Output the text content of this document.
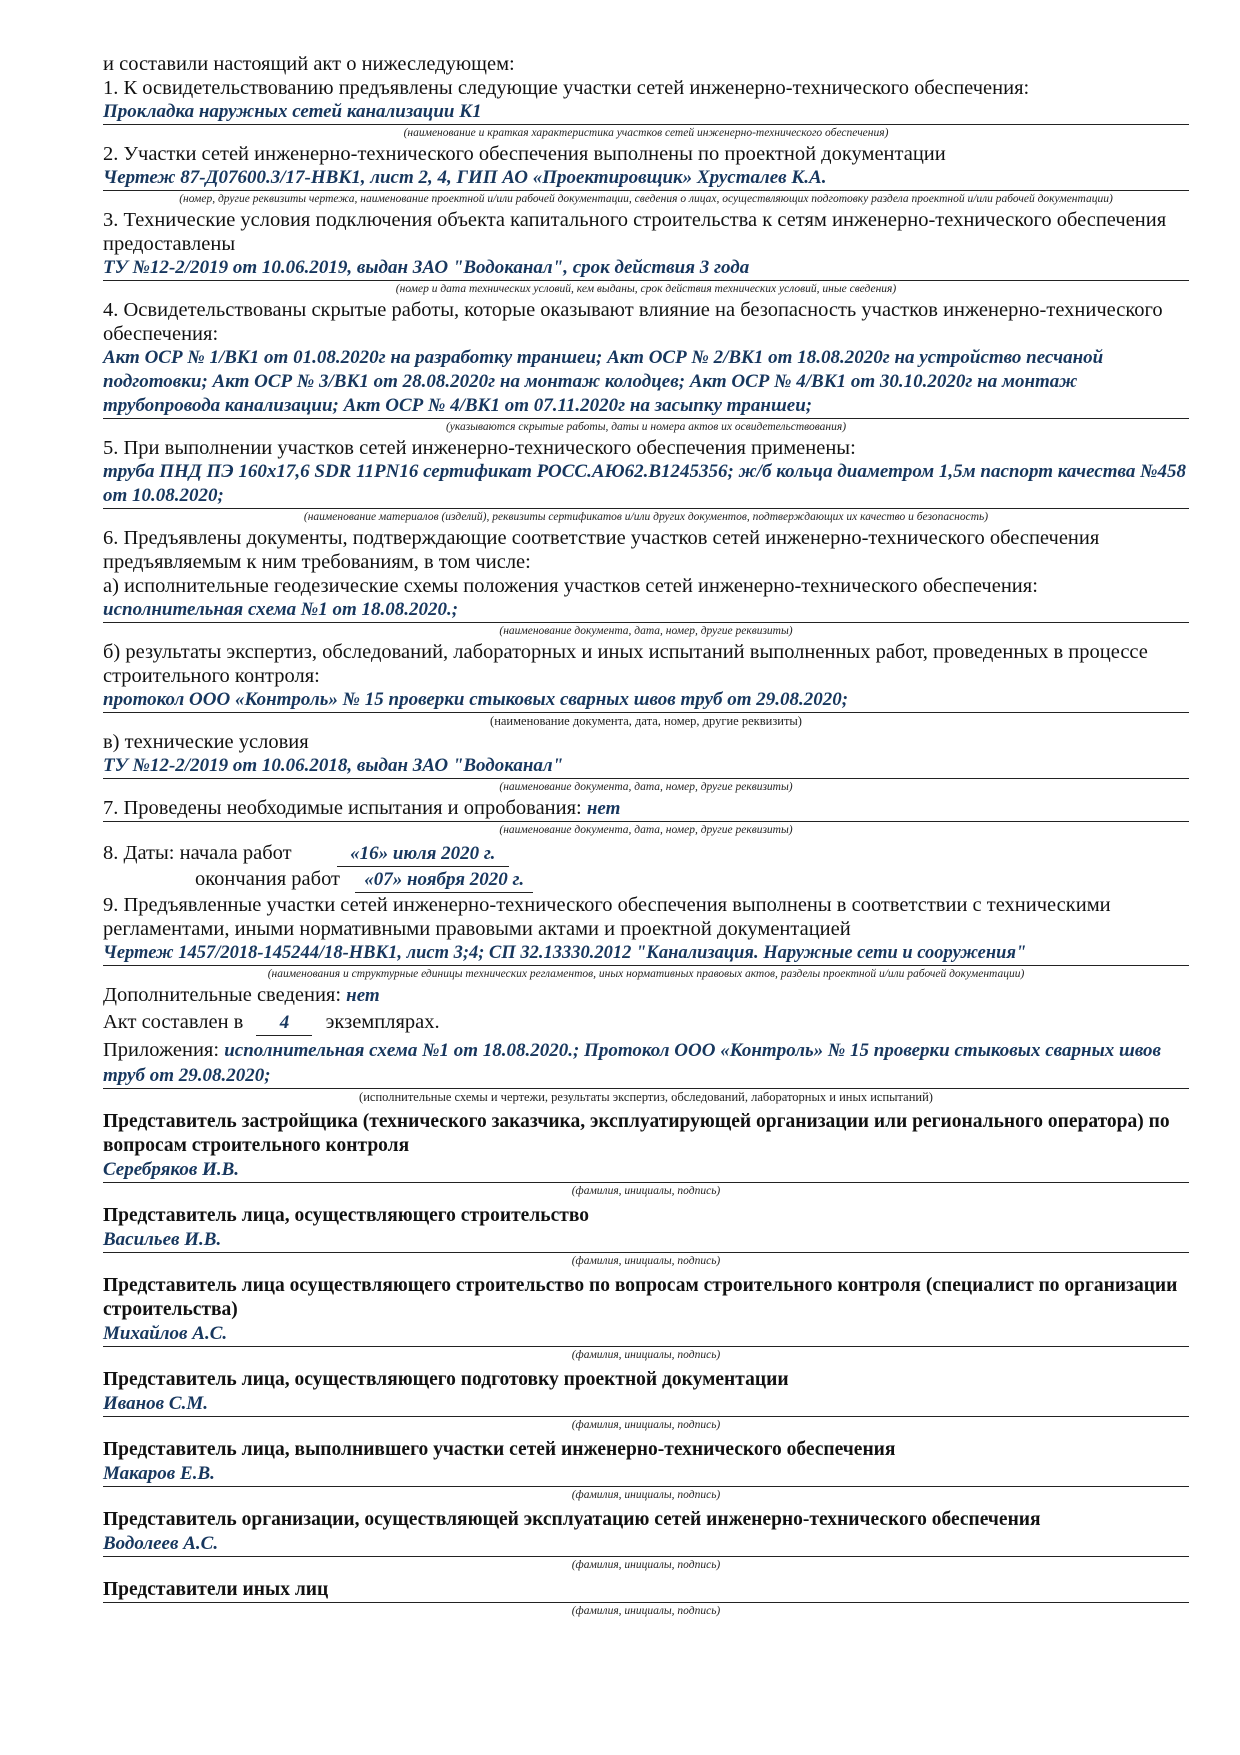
и составили настоящий акт о нижеследующем:

1. К освидетельствованию предъявлены следующие участки сетей инженерно-технического обеспечения:

Прокладка наружных сетей канализации К1
(наименование и краткая характеристика участков сетей инженерно-технического обеспечения)

2. Участки сетей инженерно-технического обеспечения выполнены по проектной документации

Чертеж 87-Д07600.3/17-НВК1, лист 2, 4, ГИП АО «Проектировщик» Хрусталев К.А.
(номер, другие реквизиты чертежа, наименование проектной и/или рабочей документации, сведения о лицах, осуществляющих подготовку раздела проектной и/или рабочей документации)

3. Технические условия подключения объекта капитального строительства к сетям инженерно-технического обеспечения предоставлены

ТУ №12-2/2019 от 10.06.2019, выдан ЗАО "Водоканал", срок действия 3 года
(номер и дата технических условий, кем выданы, срок действия технических условий, иные сведения)

4. Освидетельствованы скрытые работы, которые оказывают влияние на безопасность участков инженерно-технического обеспечения:

Акт ОСР № 1/ВК1 от 01.08.2020г на разработку траншеи; Акт ОСР № 2/ВК1 от 18.08.2020г на устройство песчаной подготовки; Акт ОСР № 3/ВК1 от 28.08.2020г на монтаж колодцев; Акт ОСР № 4/ВК1 от 30.10.2020г на монтаж трубопровода канализации; Акт ОСР № 4/ВК1 от 07.11.2020г на засыпку траншеи;
(указываются скрытые работы, даты и номера актов их освидетельствования)

5. При выполнении участков сетей инженерно-технического обеспечения применены:

труба ПНД ПЭ 160х17,6 SDR 11PN16 сертификат РОСС.АЮ62.В1245356; ж/б кольца диаметром 1,5м паспорт качества №458 от 10.08.2020;
(наименование материалов (изделий), реквизиты сертификатов и/или других документов, подтверждающих их качество и безопасность)

6. Предъявлены документы, подтверждающие соответствие участков сетей инженерно-технического обеспечения предъявляемым к ним требованиям, в том числе:

а) исполнительные геодезические схемы положения участков сетей инженерно-технического обеспечения:

исполнительная схема №1 от 18.08.2020.;
(наименование документа, дата, номер, другие реквизиты)

б) результаты экспертиз, обследований, лабораторных и иных испытаний выполненных работ, проведенных в процессе строительного контроля:

протокол ООО «Контроль» № 15 проверки стыковых сварных швов труб от 29.08.2020;
(наименование документа, дата, номер, другие реквизиты)

в) технические условия

ТУ №12-2/2019 от 10.06.2018, выдан ЗАО "Водоканал"
(наименование документа, дата, номер, другие реквизиты)
7. Проведены необходимые испытания и опробования: нет
(наименование документа, дата, номер, другие реквизиты)
8. Даты: начала работ	«16» июля 2020 г.
окончания работ «07» ноября 2020 г.

9. Предъявленные участки сетей инженерно-технического обеспечения выполнены в соответствии с техническими регламентами, иными нормативными правовыми актами и проектной документацией

Чертеж 1457/2018-145244/18-НВК1, лист 3;4; СП 32.13330.2012 "Канализация. Наружные сети и сооружения"
(наименования и структурные единицы технических регламентов, иных нормативных правовых актов, разделы проектной и/или рабочей документации)
Дополнительные сведения: нет
Акт составлен в 4 экземплярах.
Приложения: исполнительная схема №1 от 18.08.2020.; Протокол ООО «Контроль» № 15 проверки стыковых сварных швов труб от 29.08.2020;
(исполнительные схемы и чертежи, результаты экспертиз, обследований, лабораторных и иных испытаний)
Представитель застройщика (технического заказчика, эксплуатирующей организации или регионального оператора) по вопросам строительного контроля
Серебряков И.В.
(фамилия, инициалы, подпись)
Представитель лица, осуществляющего строительство
Васильев И.В.
(фамилия, инициалы, подпись)
Представитель лица осуществляющего строительство по вопросам строительного контроля (специалист по организации строительства)
Михайлов А.С.
(фамилия, инициалы, подпись)
Представитель лица, осуществляющего подготовку проектной документации
Иванов С.М.
(фамилия, инициалы, подпись)
Представитель лица, выполнившего участки сетей инженерно-технического обеспечения
Макаров Е.В.
(фамилия, инициалы, подпись)
Представитель организации, осуществляющей эксплуатацию сетей инженерно-технического обеспечения
Водолеев А.С.
(фамилия, инициалы, подпись)
Представители иных лиц
(фамилия, инициалы, подпись)
